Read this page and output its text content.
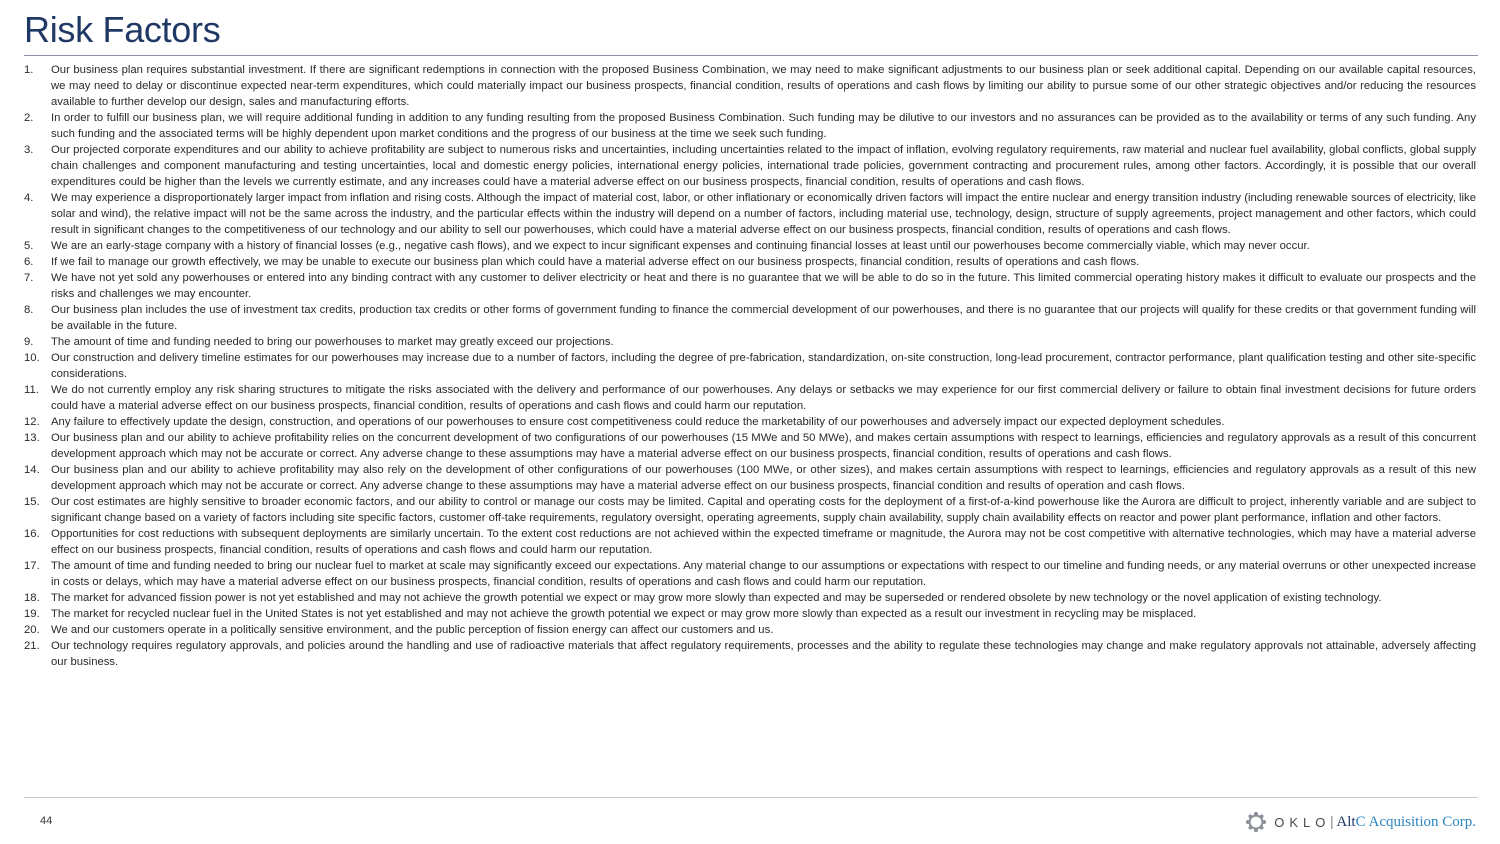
Risk Factors
1.	Our business plan requires substantial investment. If there are significant redemptions in connection with the proposed Business Combination, we may need to make significant adjustments to our business plan or seek additional capital. Depending on our available capital resources, we may need to delay or discontinue expected near-term expenditures, which could materially impact our business prospects, financial condition, results of operations and cash flows by limiting our ability to pursue some of our other strategic objectives and/or reducing the resources available to further develop our design, sales and manufacturing efforts.
2.	In order to fulfill our business plan, we will require additional funding in addition to any funding resulting from the proposed Business Combination. Such funding may be dilutive to our investors and no assurances can be provided as to the availability or terms of any such funding. Any such funding and the associated terms will be highly dependent upon market conditions and the progress of our business at the time we seek such funding.
3.	Our projected corporate expenditures and our ability to achieve profitability are subject to numerous risks and uncertainties, including uncertainties related to the impact of inflation, evolving regulatory requirements, raw material and nuclear fuel availability, global conflicts, global supply chain challenges and component manufacturing and testing uncertainties, local and domestic energy policies, international energy policies, international trade policies, government contracting and procurement rules, among other factors. Accordingly, it is possible that our overall expenditures could be higher than the levels we currently estimate, and any increases could have a material adverse effect on our business prospects, financial condition, results of operations and cash flows.
4.	We may experience a disproportionately larger impact from inflation and rising costs. Although the impact of material cost, labor, or other inflationary or economically driven factors will impact the entire nuclear and energy transition industry (including renewable sources of electricity, like solar and wind), the relative impact will not be the same across the industry, and the particular effects within the industry will depend on a number of factors, including material use, technology, design, structure of supply agreements, project management and other factors, which could result in significant changes to the competitiveness of our technology and our ability to sell our powerhouses, which could have a material adverse effect on our business prospects, financial condition, results of operations and cash flows.
5.	We are an early-stage company with a history of financial losses (e.g., negative cash flows), and we expect to incur significant expenses and continuing financial losses at least until our powerhouses become commercially viable, which may never occur.
6.	If we fail to manage our growth effectively, we may be unable to execute our business plan which could have a material adverse effect on our business prospects, financial condition, results of operations and cash flows.
7.	We have not yet sold any powerhouses or entered into any binding contract with any customer to deliver electricity or heat and there is no guarantee that we will be able to do so in the future. This limited commercial operating history makes it difficult to evaluate our prospects and the risks and challenges we may encounter.
8.	Our business plan includes the use of investment tax credits, production tax credits or other forms of government funding to finance the commercial development of our powerhouses, and there is no guarantee that our projects will qualify for these credits or that government funding will be available in the future.
9.	The amount of time and funding needed to bring our powerhouses to market may greatly exceed our projections.
10. Our construction and delivery timeline estimates for our powerhouses may increase due to a number of factors, including the degree of pre-fabrication, standardization, on-site construction, long-lead procurement, contractor performance, plant qualification testing and other site-specific considerations.
11.	We do not currently employ any risk sharing structures to mitigate the risks associated with the delivery and performance of our powerhouses. Any delays or setbacks we may experience for our first commercial delivery or failure to obtain final investment decisions for future orders could have a material adverse effect on our business prospects, financial condition, results of operations and cash flows and could harm our reputation.
12. Any failure to effectively update the design, construction, and operations of our powerhouses to ensure cost competitiveness could reduce the marketability of our powerhouses and adversely impact our expected deployment schedules.
13. Our business plan and our ability to achieve profitability relies on the concurrent development of two configurations of our powerhouses (15 MWe and 50 MWe), and makes certain assumptions with respect to learnings, efficiencies and regulatory approvals as a result of this concurrent development approach which may not be accurate or correct. Any adverse change to these assumptions may have a material adverse effect on our business prospects, financial condition, results of operations and cash flows.
14. Our business plan and our ability to achieve profitability may also rely on the development of other configurations of our powerhouses (100 MWe, or other sizes), and makes certain assumptions with respect to learnings, efficiencies and regulatory approvals as a result of this new development approach which may not be accurate or correct. Any adverse change to these assumptions may have a material adverse effect on our business prospects, financial condition and results of operation and cash flows.
15. Our cost estimates are highly sensitive to broader economic factors, and our ability to control or manage our costs may be limited. Capital and operating costs for the deployment of a first-of-a-kind powerhouse like the Aurora are difficult to project, inherently variable and are subject to significant change based on a variety of factors including site specific factors, customer off-take requirements, regulatory oversight, operating agreements, supply chain availability, supply chain availability effects on reactor and power plant performance, inflation and other factors.
16. Opportunities for cost reductions with subsequent deployments are similarly uncertain. To the extent cost reductions are not achieved within the expected timeframe or magnitude, the Aurora may not be cost competitive with alternative technologies, which may have a material adverse effect on our business prospects, financial condition, results of operations and cash flows and could harm our reputation.
17. The amount of time and funding needed to bring our nuclear fuel to market at scale may significantly exceed our expectations. Any material change to our assumptions or expectations with respect to our timeline and funding needs, or any material overruns or other unexpected increase in costs or delays, which may have a material adverse effect on our business prospects, financial condition, results of operations and cash flows and could harm our reputation.
18. The market for advanced fission power is not yet established and may not achieve the growth potential we expect or may grow more slowly than expected and may be superseded or rendered obsolete by new technology or the novel application of existing technology.
19. The market for recycled nuclear fuel in the United States is not yet established and may not achieve the growth potential we expect or may grow more slowly than expected as a result our investment in recycling may be misplaced.
20. We and our customers operate in a politically sensitive environment, and the public perception of fission energy can affect our customers and us.
21. Our technology requires regulatory approvals, and policies around the handling and use of radioactive materials that affect regulatory requirements, processes and the ability to regulate these technologies may change and make regulatory approvals not attainable, adversely affecting our business.
44	OKLO | Alt C Acquisition Corp.
